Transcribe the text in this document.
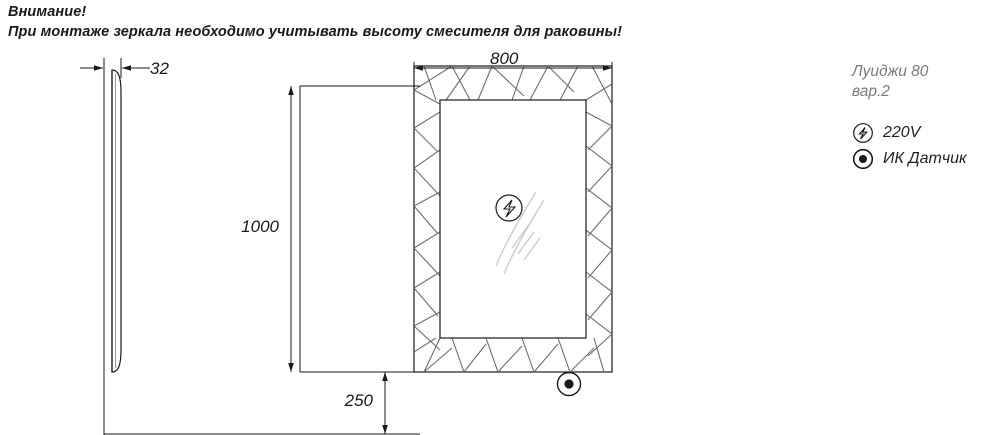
Внимание!
При монтаже зеркала необходимо учитывать высоту смесителя для раковины!
32
800
1000
250
Луиджи 80
вар.2
220V
ИК Датчик
